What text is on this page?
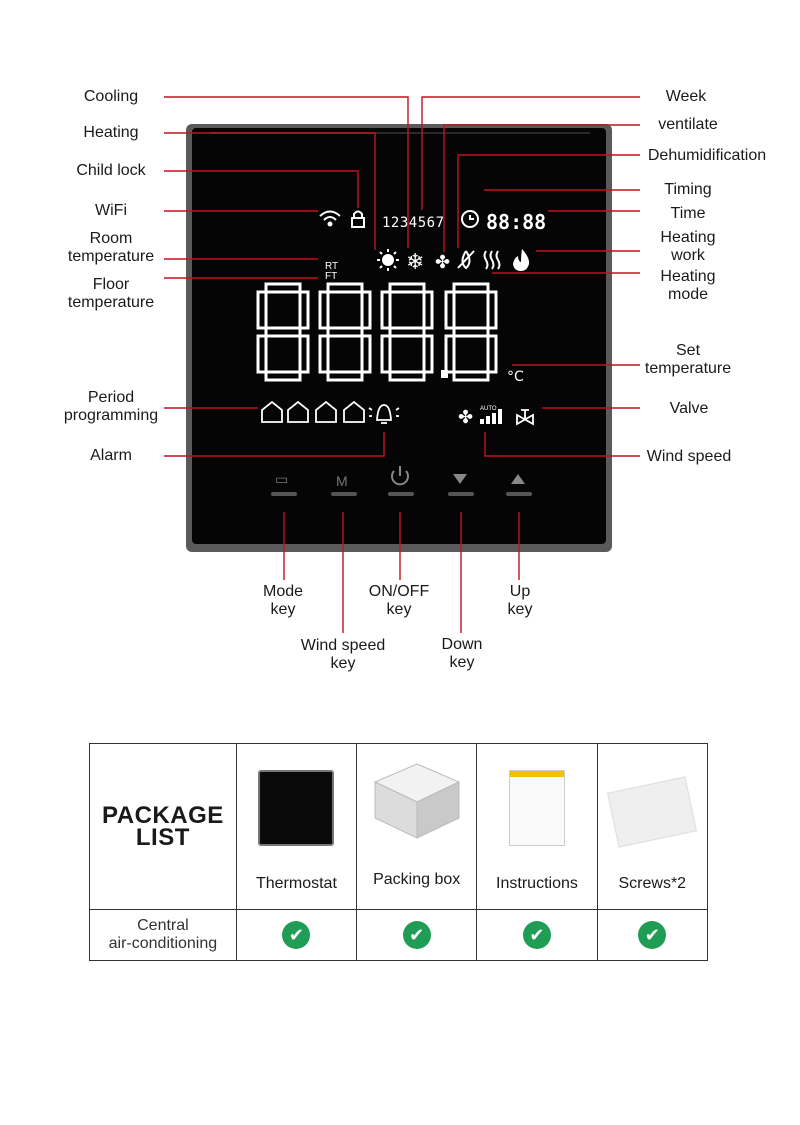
1234567 88:88
RT
FT
❄ ✤
°C
✤ AUTO
▭	M
Cooling
Heating
Child lock
WiFi
Room
temperature
Floor
temperature
Period
programming
Alarm
Week
ventilate
Dehumidification
Timing
Time
Heating
work
Heating
mode
Set
temperature
Valve
Wind speed
Mode
key
Wind speed
key
ON/OFF
key
Down
key
Up
key
PACKAGE
LIST	Thermostat	Packing box	Instructions	Screws*2

Central
air-conditioning	✔	✔	✔	✔
